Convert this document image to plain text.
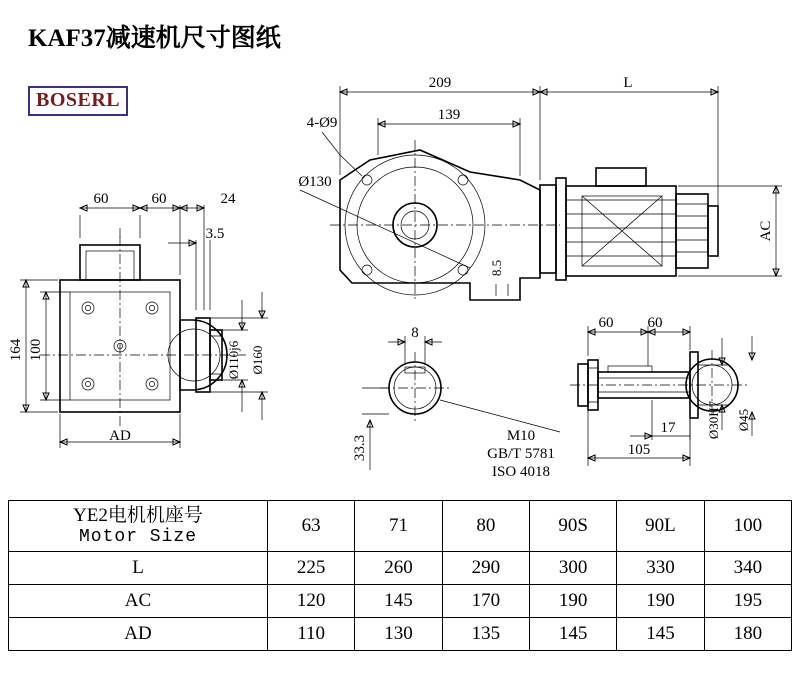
KAF37减速机尺寸图纸
BOSERL
60	60	24
3.5
164 100
AD
Ø110j6 Ø160
209	L
139
4-Ø9
Ø130
AC
8.5
8
33.3	M10
GB/T 5781
ISO 4018
60 60
17
105
Ø30H7 Ø45
YE2电机机座号
Motor Size	63	71	80	90S	90L	100
L	225	260	290	300	330	340
AC	120	145	170	190	190	195
AD	110	130	135	145	145	180
